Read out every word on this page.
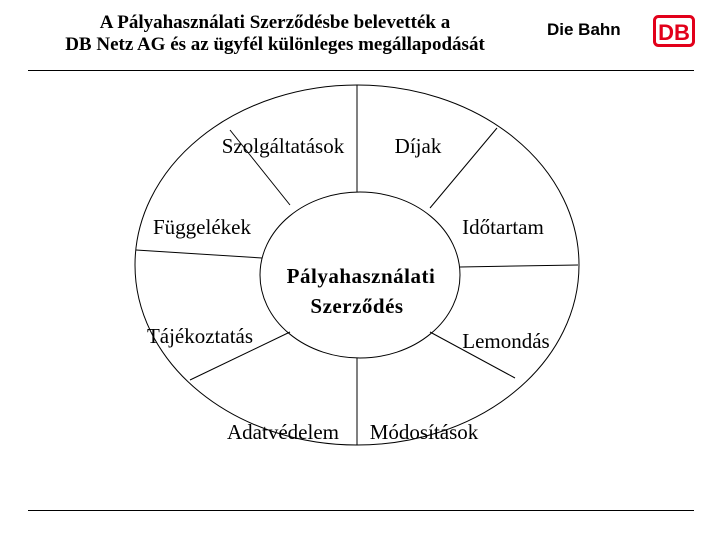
A Pályahasználati Szerződésbe belevették a
DB Netz AG és az ügyfél különleges megállapodását
Die Bahn DB
Pályahasználati
Szerződés
Szolgáltatások Díjak
Függelékek	Időtartam
Tájékoztatás	Lemondás
Adatvédelem Módosítások
